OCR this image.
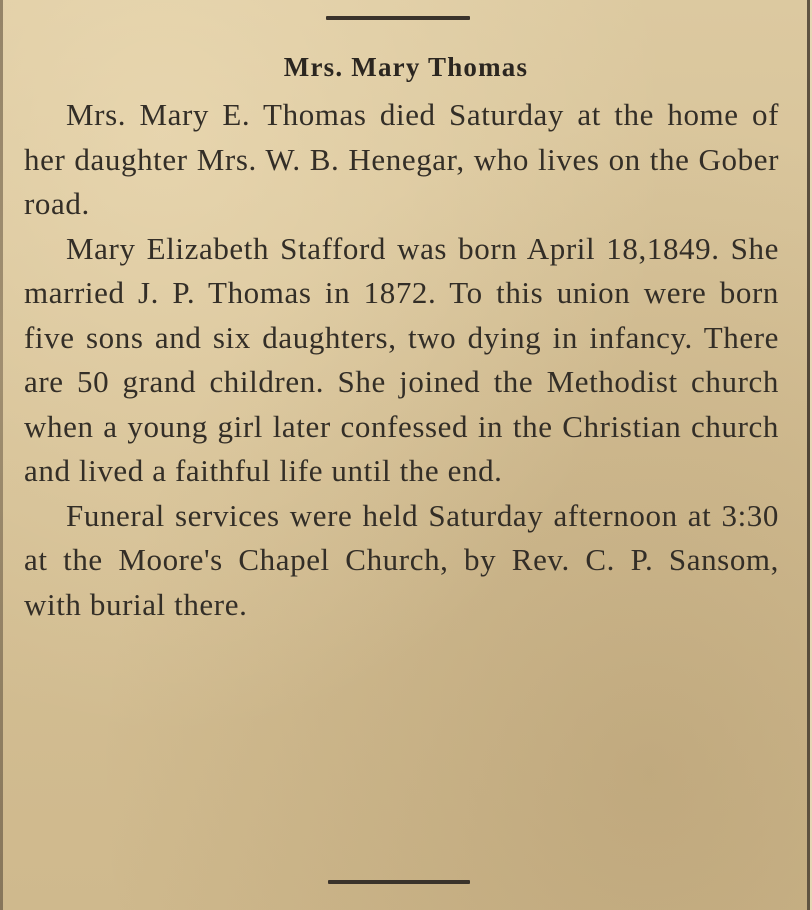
Mrs. Mary Thomas

Mrs. Mary E. Thomas died Saturday at the home of her daughter Mrs. W. B. Henegar, who lives on the Gober road.

Mary Elizabeth Stafford was born April 18,1849. She married J. P. Thomas in 1872. To this union were born five sons and six daughters, two dying in infancy. There are 50 grand children. She joined the Methodist church when a young girl later confessed in the Christian church and lived a faithful life until the end.

Funeral services were held Saturday afternoon at 3:30 at the Moore's Chapel Church, by Rev. C. P. Sansom, with burial there.
